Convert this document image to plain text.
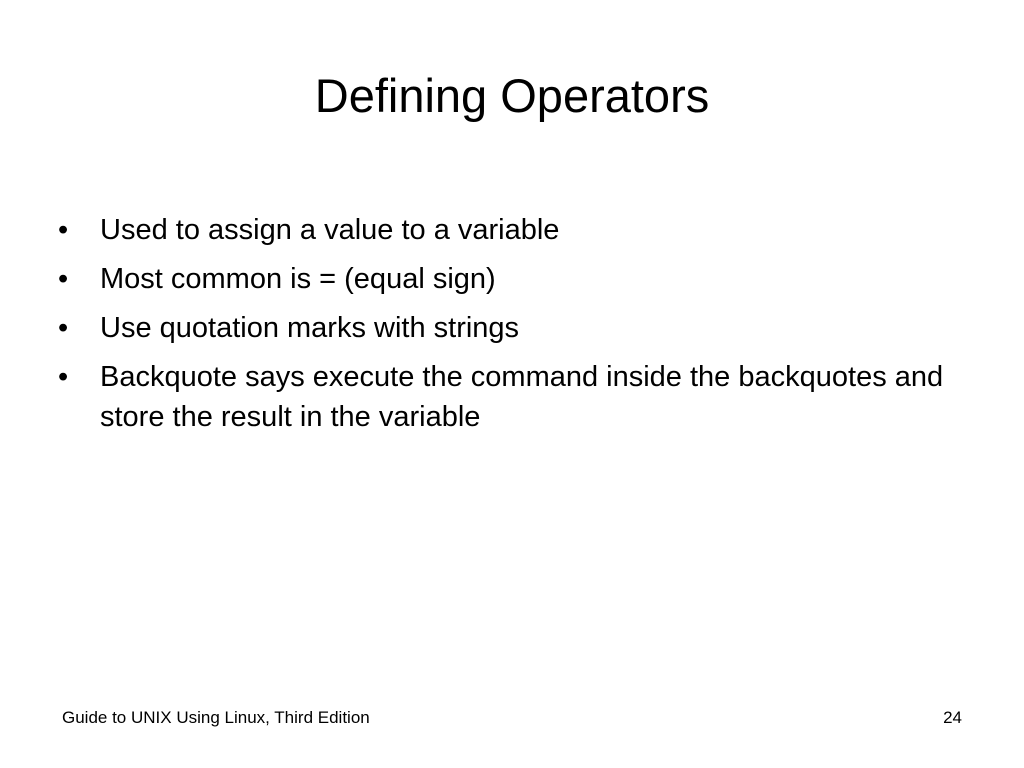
Defining Operators
•	Used to assign a value to a variable
•	Most common is = (equal sign)
•	Use quotation marks with strings
•	Backquote says execute the command inside the backquotes and store the result in the variable
Guide to UNIX Using Linux, Third Edition	24
